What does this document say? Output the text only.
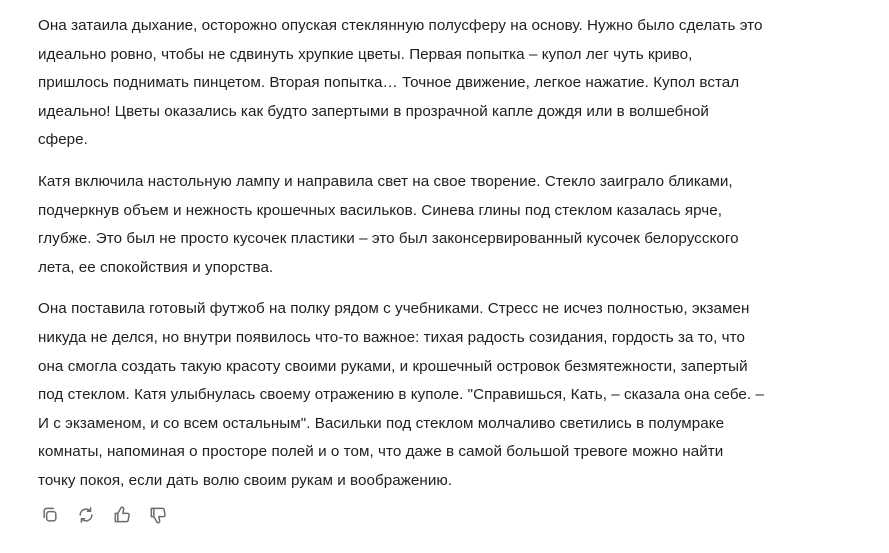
Она затаила дыхание, осторожно опуская стеклянную полусферу на основу. Нужно было сделать это
идеально ровно, чтобы не сдвинуть хрупкие цветы. Первая попытка – купол лег чуть криво,
пришлось поднимать пинцетом. Вторая попытка… Точное движение, легкое нажатие. Купол встал
идеально! Цветы оказались как будто запертыми в прозрачной капле дождя или в волшебной
сфере.

Катя включила настольную лампу и направила свет на свое творение. Стекло заиграло бликами,
подчеркнув объем и нежность крошечных васильков. Синева глины под стеклом казалась ярче,
глубже. Это был не просто кусочек пластики – это был законсервированный кусочек белорусского
лета, ее спокойствия и упорства.

Она поставила готовый футжоб на полку рядом с учебниками. Стресс не исчез полностью, экзамен
никуда не делся, но внутри появилось что-то важное: тихая радость созидания, гордость за то, что
она смогла создать такую красоту своими руками, и крошечный островок безмятежности, запертый
под стеклом. Катя улыбнулась своему отражению в куполе. "Справишься, Кать, – сказала она себе. –
И с экзаменом, и со всем остальным". Васильки под стеклом молчаливо светились в полумраке
комнаты, напоминая о просторе полей и о том, что даже в самой большой тревоге можно найти
точку покоя, если дать волю своим рукам и воображению.
